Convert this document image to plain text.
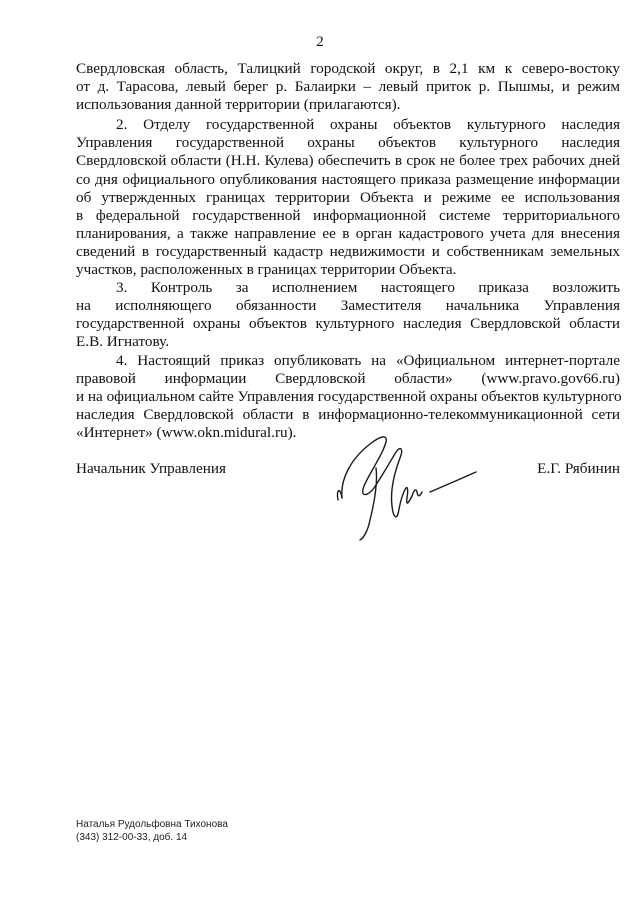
2
Свердловская область, Талицкий городской округ, в 2,1 км к северо-востоку
от д. Тарасова, левый берег р. Балаирки – левый приток р. Пышмы, и режим
использования данной территории (прилагаются).
2. Отделу государственной охраны объектов культурного наследия
Управления государственной охраны объектов культурного наследия
Свердловской области (Н.Н. Кулева) обеспечить в срок не более трех рабочих дней
со дня официального опубликования настоящего приказа размещение информации
об утвержденных границах территории Объекта и режиме ее использования
в федеральной государственной информационной системе территориального
планирования, а также направление ее в орган кадастрового учета для внесения
сведений в государственный кадастр недвижимости и собственникам земельных
участков, расположенных в границах территории Объекта.
3. Контроль за исполнением настоящего приказа возложить
на исполняющего обязанности Заместителя начальника Управления
государственной охраны объектов культурного наследия Свердловской области
Е.В. Игнатову.
4. Настоящий приказ опубликовать на «Официальном интернет-портале
правовой информации Свердловской области» (www.pravo.gov66.ru)
и на официальном сайте Управления государственной охраны объектов культурного
наследия Свердловской области в информационно-телекоммуникационной сети
«Интернет» (www.okn.midural.ru).
Начальник Управления	Е.Г. Рябинин
Наталья Рудольфовна Тихонова
(343) 312-00-33, доб. 14
